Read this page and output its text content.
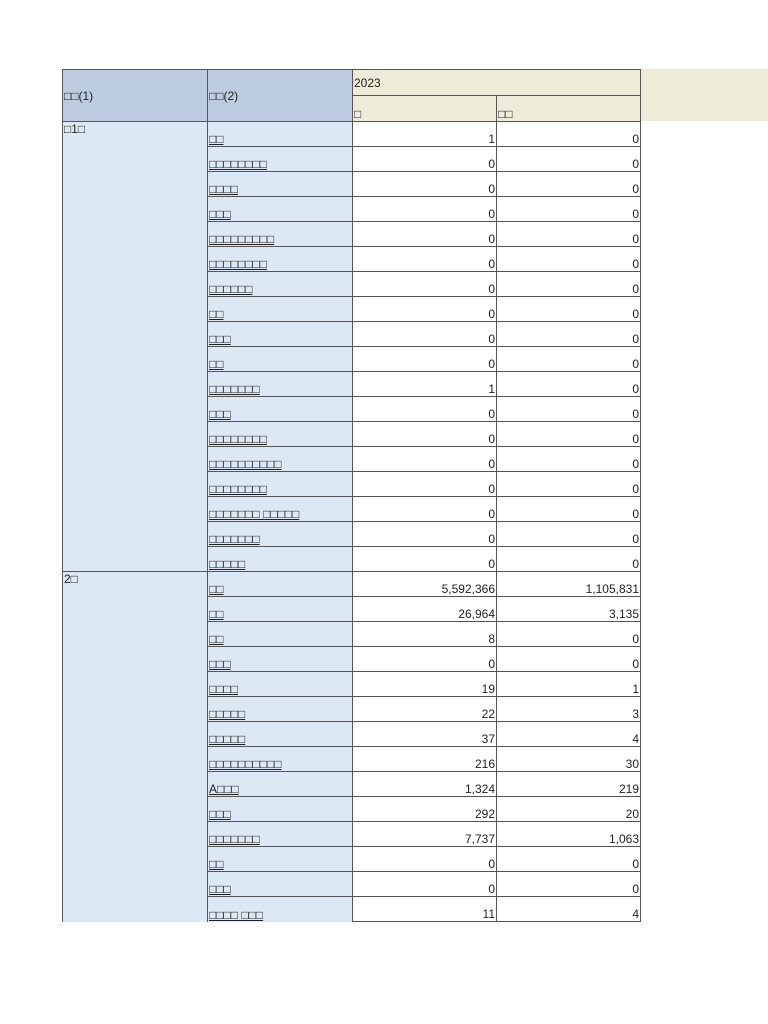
□□(1)	□□(2)	2023	
		□	□□
□1□	□□	1	0
	□□□□□□□□	0	0
	□□□□	0	0
	□□□	0	0
	□□□□□□□□□	0	0
	□□□□□□□□	0	0
	□□□□□□	0	0
	□□	0	0
	□□□	0	0
	□□	0	0
	□□□□□□□	1	0
	□□□	0	0
	□□□□□□□□	0	0
	□□□□□□□□□□	0	0
	□□□□□□□□	0	0
	□□□□□□□ □□□□□	0	0
	□□□□□□□	0	0
	□□□□□	0	0
2□	□□	5,592,366	1,105,831
	□□	26,964	3,135
	□□	8	0
	□□□	0	0
	□□□□	19	1
	□□□□□	22	3
	□□□□□	37	4
	□□□□□□□□□□	216	30
	A□□□	1,324	219
	□□□	292	20
	□□□□□□□	7,737	1,063
	□□	0	0
	□□□	0	0
	□□□□ □□□	11	4
